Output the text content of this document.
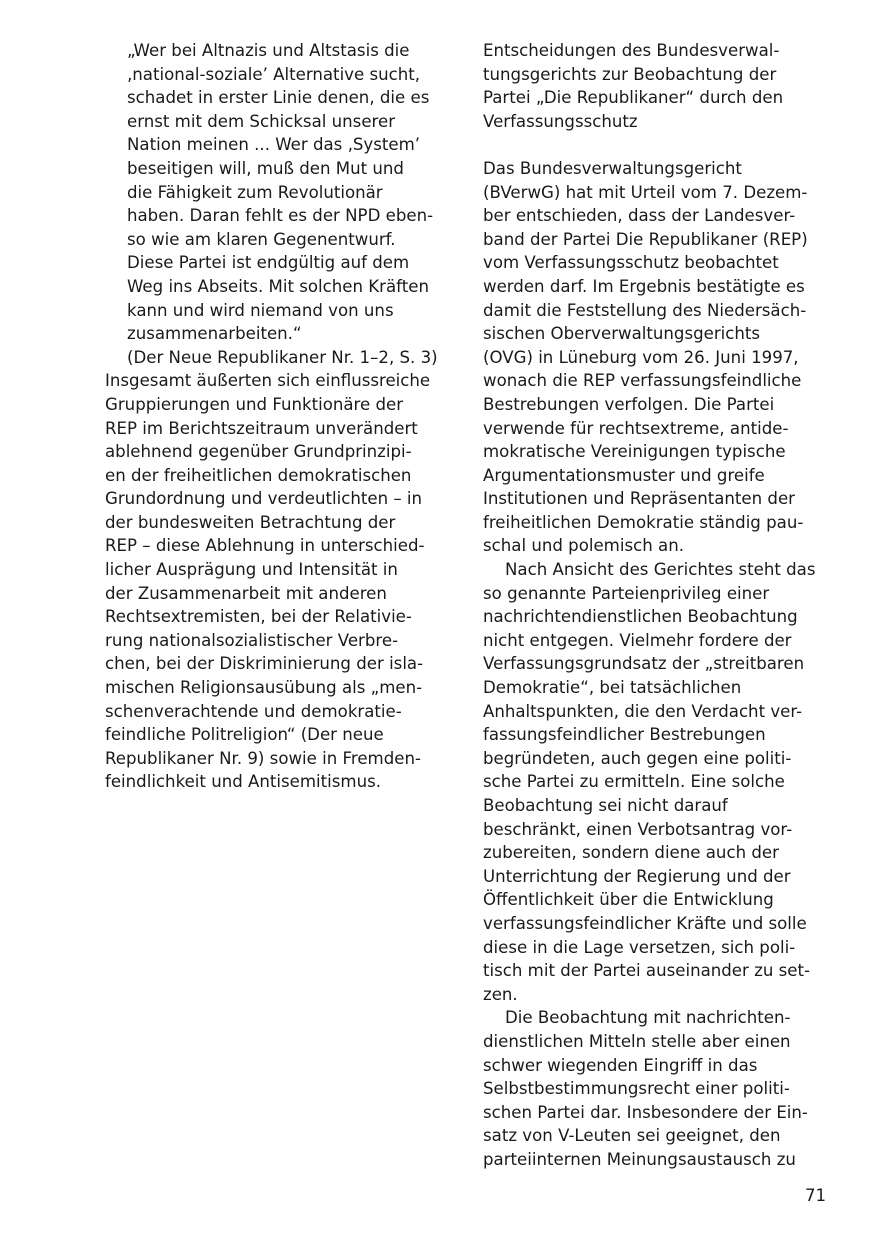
„Wer bei Altnazis und Altstasis die
‚national-soziale’ Alternative sucht,
schadet in erster Linie denen, die es
ernst mit dem Schicksal unserer
Nation meinen ... Wer das ‚System’
beseitigen will, muß den Mut und
die Fähigkeit zum Revolutionär
haben. Daran fehlt es der NPD eben-
so wie am klaren Gegenentwurf.
Diese Partei ist endgültig auf dem
Weg ins Abseits. Mit solchen Kräften
kann und wird niemand von uns
zusammenarbeiten.“
(Der Neue Republikaner Nr. 1–2, S. 3)
Insgesamt äußerten sich einflussreiche
Gruppierungen und Funktionäre der
REP im Berichtszeitraum unverändert
ablehnend gegenüber Grundprinzipi-
en der freiheitlichen demokratischen
Grundordnung und verdeutlichten – in
der bundesweiten Betrachtung der
REP – diese Ablehnung in unterschied-
licher Ausprägung und Intensität in
der Zusammenarbeit mit anderen
Rechtsextremisten, bei der Relativie-
rung nationalsozialistischer Verbre-
chen, bei der Diskriminierung der isla-
mischen Religionsausübung als „men-
schenverachtende und demokratie-
feindliche Politreligion“ (Der neue
Republikaner Nr. 9) sowie in Fremden-
feindlichkeit und Antisemitismus.
Entscheidungen des Bundesverwal-
tungsgerichts zur Beobachtung der
Partei „Die Republikaner“ durch den
Verfassungsschutz
Das Bundesverwaltungsgericht
(BVerwG) hat mit Urteil vom 7. Dezem-
ber entschieden, dass der Landesver-
band der Partei Die Republikaner (REP)
vom Verfassungsschutz beobachtet
werden darf. Im Ergebnis bestätigte es
damit die Feststellung des Niedersäch-
sischen Oberverwaltungsgerichts
(OVG) in Lüneburg vom 26. Juni 1997,
wonach die REP verfassungsfeindliche
Bestrebungen verfolgen. Die Partei
verwende für rechtsextreme, antide-
mokratische Vereinigungen typische
Argumentationsmuster und greife
Institutionen und Repräsentanten der
freiheitlichen Demokratie ständig pau-
schal und polemisch an.
Nach Ansicht des Gerichtes steht das
so genannte Parteienprivileg einer
nachrichtendienstlichen Beobachtung
nicht entgegen. Vielmehr fordere der
Verfassungsgrundsatz der „streitbaren
Demokratie“, bei tatsächlichen
Anhaltspunkten, die den Verdacht ver-
fassungsfeindlicher Bestrebungen
begründeten, auch gegen eine politi-
sche Partei zu ermitteln. Eine solche
Beobachtung sei nicht darauf
beschränkt, einen Verbotsantrag vor-
zubereiten, sondern diene auch der
Unterrichtung der Regierung und der
Öffentlichkeit über die Entwicklung
verfassungsfeindlicher Kräfte und solle
diese in die Lage versetzen, sich poli-
tisch mit der Partei auseinander zu set-
zen.
Die Beobachtung mit nachrichten-
dienstlichen Mitteln stelle aber einen
schwer wiegenden Eingriff in das
Selbstbestimmungsrecht einer politi-
schen Partei dar. Insbesondere der Ein-
satz von V-Leuten sei geeignet, den
parteiinternen Meinungsaustausch zu
71
